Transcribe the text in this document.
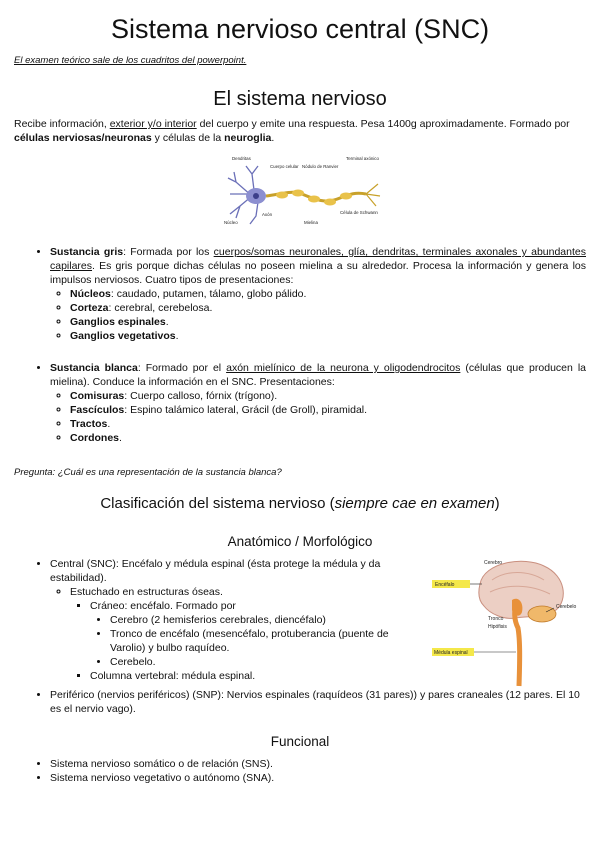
Sistema nervioso central (SNC)

El examen teórico sale de los cuadritos del powerpoint.

El sistema nervioso

Recibe información, exterior y/o interior del cuerpo y emite una respuesta. Pesa 1400g aproximadamente. Formado por células nerviosas/neuronas y células de la neuroglia.

Dendritas
Cuerpo celular Nódulo de Ranvier
Terminal axónico
Célula de Schwann
Núcleo
Axón
Mielina
• Sustancia gris: Formada por los cuerpos/somas neuronales, glía, dendritas, terminales axonales y abundantes capilares. Es gris porque dichas células no poseen mielina a su alrededor. Procesa la información y genera los impulsos nerviosos. Cuatro tipos de presentaciones:
◦ Núcleos: caudado, putamen, tálamo, globo pálido.
◦ Corteza: cerebral, cerebelosa.
◦ Ganglios espinales.
◦ Ganglios vegetativos.
• Sustancia blanca: Formado por el axón mielínico de la neurona y oligodendrocitos (células que producen la mielina). Conduce la información en el SNC. Presentaciones:
◦ Comisuras: Cuerpo calloso, fórnix (trígono).
◦ Fascículos: Espino talámico lateral, Grácil (de Groll), piramidal.
◦ Tractos.
◦ Cordones.

Pregunta: ¿Cuál es una representación de la sustancia blanca?

Clasificación del sistema nervioso (siempre cae en examen)

Anatómico / Morfológico

• Central (SNC): Encéfalo y médula espinal (ésta protege la médula y da estabilidad).
◦ Estuchado en estructuras óseas.
▪ Cráneo: encéfalo. Formado por
• Cerebro (2 hemisferios cerebrales, diencéfalo)
• Tronco de encéfalo (mesencéfalo, protuberancia (puente de Varolio) y bulbo raquídeo.
• Cerebelo.
▪ Columna vertebral: médula espinal.
• Periférico (nervios periféricos) (SNP): Nervios espinales (raquídeos (31 pares)) y pares craneales (12 pares. El 10 es el nervio vago).
Encéfalo
Cerebro
Cerebelo
Tronco
Hipófisis
Médula espinal

Funcional

• Sistema nervioso somático o de relación (SNS).
• Sistema nervioso vegetativo o autónomo (SNA).
